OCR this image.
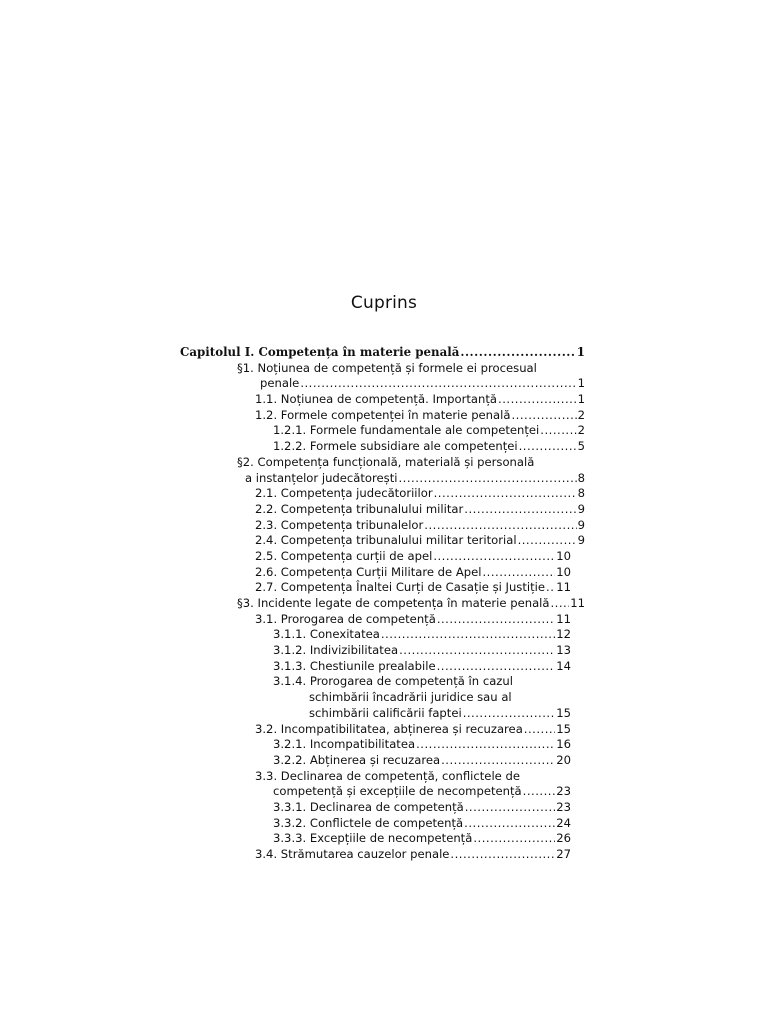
Cuprins
Capitolul I. Competența în materie penală .....	1
§1. Noțiunea de competență și formele ei procesual
penale .....	1
1.1. Noțiunea de competență. Importanță .....	1
1.2. Formele competenței în materie penală .....	2
1.2.1. Formele fundamentale ale competenței .....	2
1.2.2. Formele subsidiare ale competenței .....	5
§2. Competența funcțională, materială și personală
a instanțelor judecătorești .....	8
2.1. Competența judecătoriilor .....	8
2.2. Competența tribunalului militar .....	9
2.3. Competența tribunalelor .....	9
2.4. Competența tribunalului militar teritorial .....	9
2.5. Competența curții de apel .....	10
2.6. Competența Curții Militare de Apel .....	10
2.7. Competența Înaltei Curți de Casație și Justiție ..... 11
§3. Incidente legate de competența în materie penală ..... 11
3.1. Prorogarea de competență .....	11
3.1.1. Conexitatea .....	12
3.1.2. Indivizibilitatea .....	13
3.1.3. Chestiunile prealabile .....	14
3.1.4. Prorogarea de competență în cazul
schimbării încadrării juridice sau al
schimbării calificării faptei .....	15
3.2. Incompatibilitatea, abținerea și recuzarea .....	15
3.2.1. Incompatibilitatea .....	16
3.2.2. Abținerea și recuzarea .....	20
3.3. Declinarea de competență, conflictele de
competență și excepțiile de necompetență .....	23
3.3.1. Declinarea de competență .....	23
3.3.2. Conflictele de competență .....	24
3.3.3. Excepțiile de necompetență .....	26
3.4. Strămutarea cauzelor penale .....	27
